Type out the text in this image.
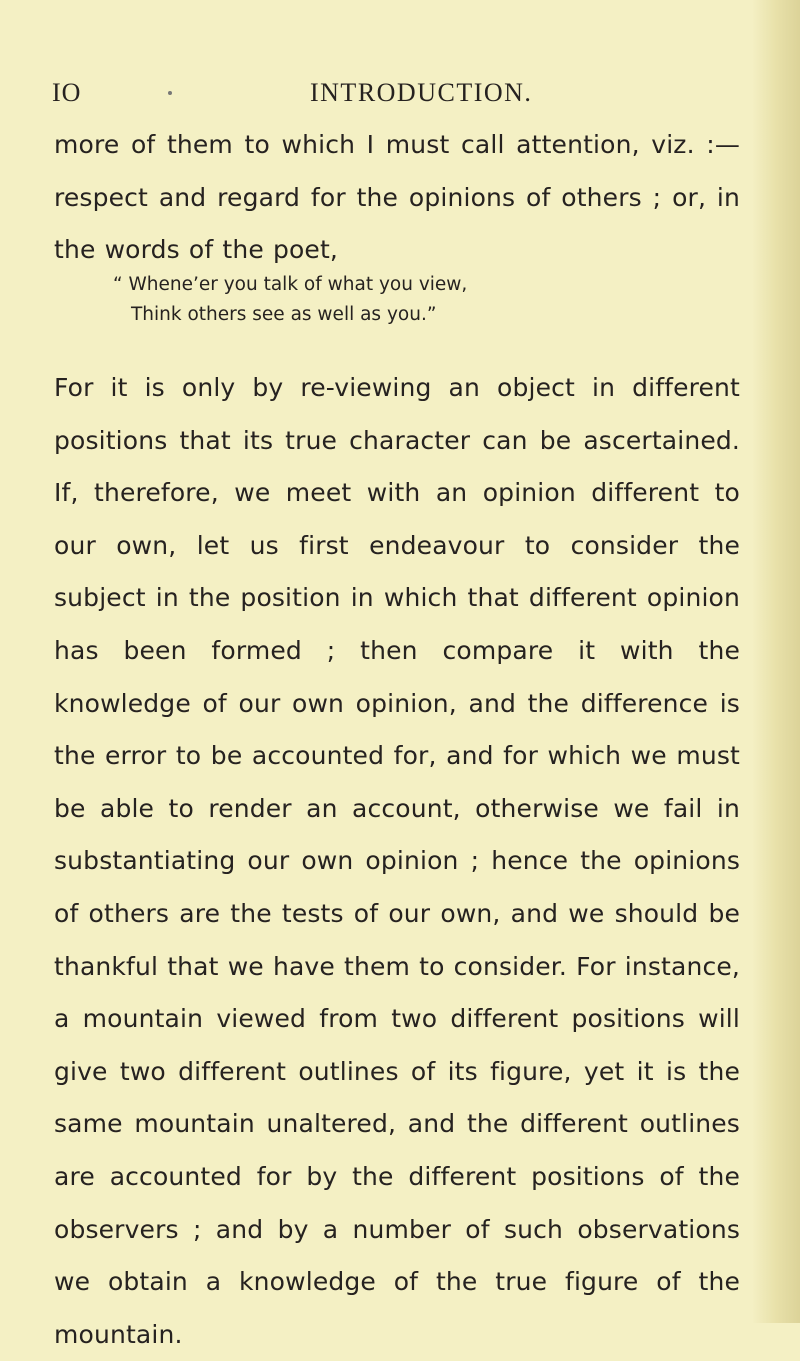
IO	INTRODUCTION.

more of them to which I must call attention, viz. :— respect and regard for the opinions of others ; or, in the words of the poet,

“ Whene’er you talk of what you view,
Think others see as well as you.”

For it is only by re-viewing an object in different positions that its true character can be ascertained. If, therefore, we meet with an opinion different to our own, let us first endeavour to consider the subject in the position in which that different opinion has been formed ; then compare it with the knowledge of our own opinion, and the difference is the error to be accounted for, and for which we must be able to render an account, otherwise we fail in substantiating our own opinion ; hence the opinions of others are the tests of our own, and we should be thankful that we have them to consider. For instance, a mountain viewed from two different positions will give two different outlines of its figure, yet it is the same mountain unaltered, and the different outlines are accounted for by the different positions of the observers ; and by a number of such observations we obtain a knowledge of the true figure of the mountain.
